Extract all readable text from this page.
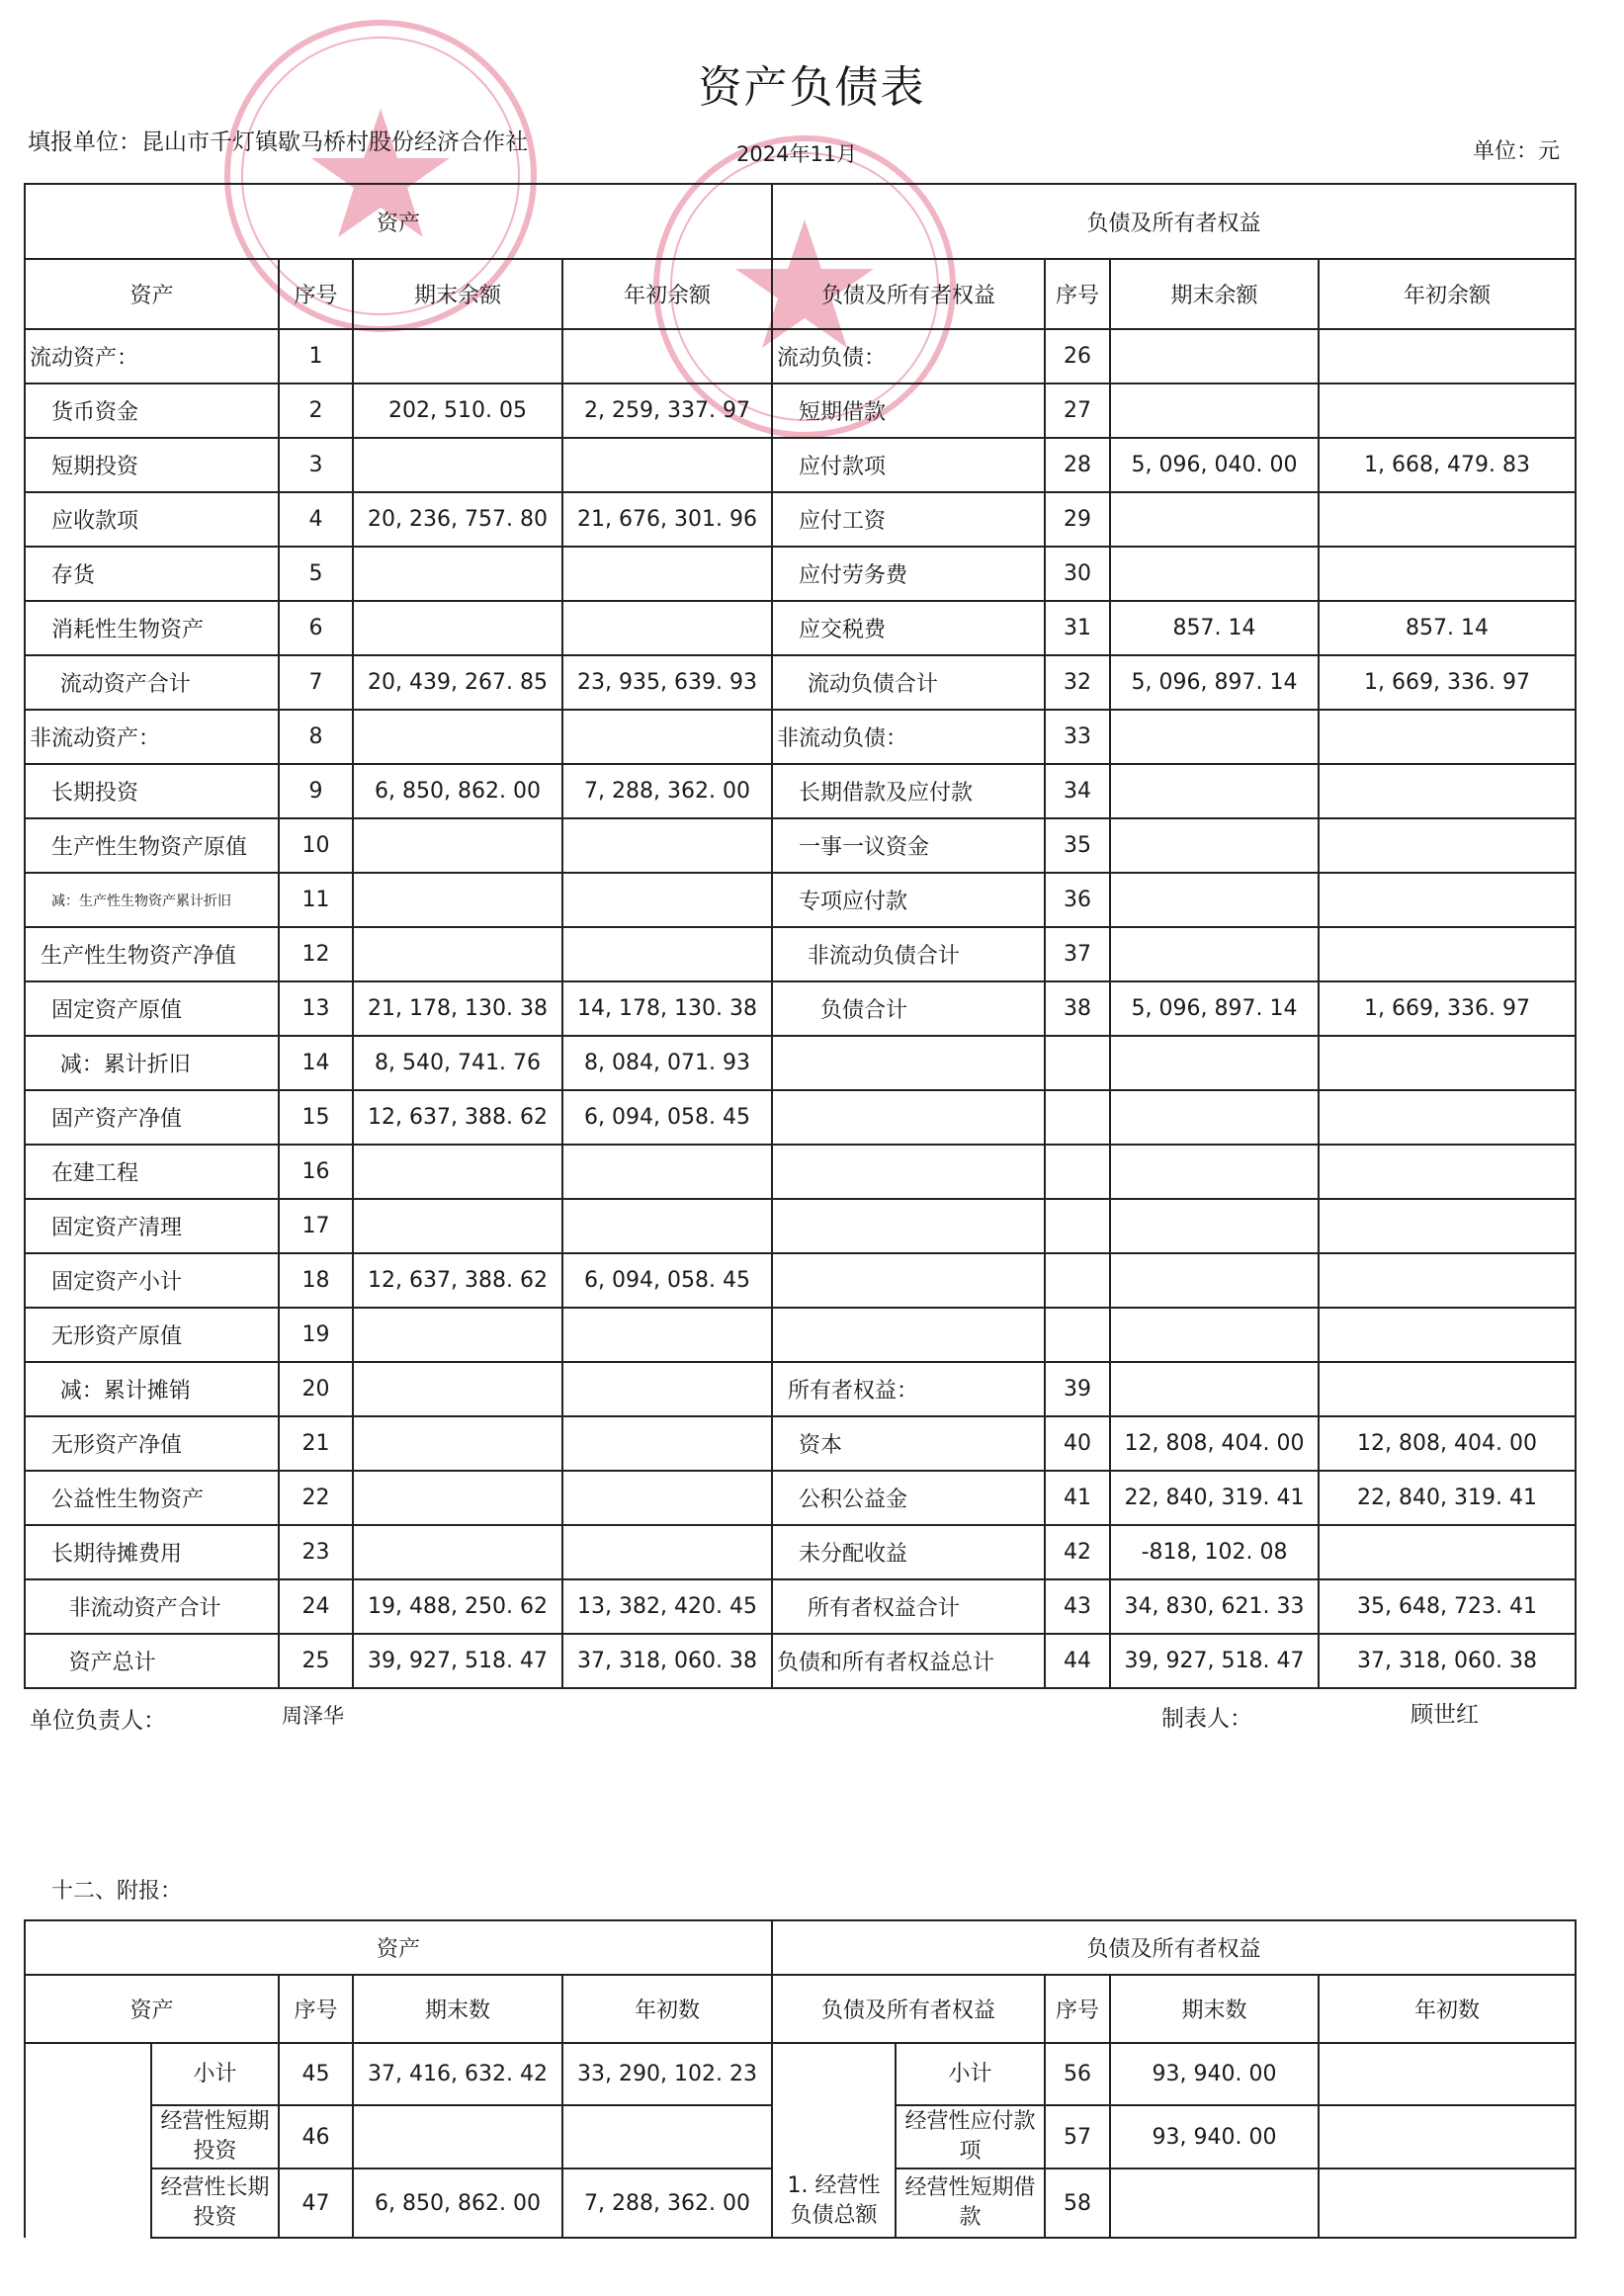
资产负债表
填报单位：昆山市千灯镇歇马桥村股份经济合作社	2024年11月	单位：元
资产				负债及所有者权益			
资产	序号	期末余额	年初余额	负债及所有者权益	序号	期末余额	年初余额
流动资产：	1			流动负债：	26		
货币资金	2	202, 510. 05	2, 259, 337. 97	短期借款	27		
短期投资	3			应付款项	28	5, 096, 040. 00	1, 668, 479. 83
应收款项	4	20, 236, 757. 80	21, 676, 301. 96	应付工资	29		
存货	5			应付劳务费	30		
消耗性生物资产	6			应交税费	31	857. 14	857. 14
流动资产合计	7	20, 439, 267. 85	23, 935, 639. 93	流动负债合计	32	5, 096, 897. 14	1, 669, 336. 97
非流动资产：	8			非流动负债：	33		
长期投资	9	6, 850, 862. 00	7, 288, 362. 00	长期借款及应付款	34		
生产性生物资产原值	10			一事一议资金	35		
减：生产性生物资产累计折旧	11			专项应付款	36		
生产性生物资产净值	12			非流动负债合计	37		
固定资产原值	13	21, 178, 130. 38	14, 178, 130. 38	负债合计	38	5, 096, 897. 14	1, 669, 336. 97
减：累计折旧	14	8, 540, 741. 76	8, 084, 071. 93				
固产资产净值	15	12, 637, 388. 62	6, 094, 058. 45				
在建工程	16						
固定资产清理	17						
固定资产小计	18	12, 637, 388. 62	6, 094, 058. 45				
无形资产原值	19						
减：累计摊销	20			所有者权益：	39		
无形资产净值	21			资本	40	12, 808, 404. 00	12, 808, 404. 00
公益性生物资产	22			公积公益金	41	22, 840, 319. 41	22, 840, 319. 41
长期待摊费用	23			未分配收益	42	-818, 102. 08	
非流动资产合计	24	19, 488, 250. 62	13, 382, 420. 45	所有者权益合计	43	34, 830, 621. 33	35, 648, 723. 41
资产总计	25	39, 927, 518. 47	37, 318, 060. 38	负债和所有者权益总计	44	39, 927, 518. 47	37, 318, 060. 38
单位负责人：	周泽华	制表人：	顾世红
十二、附报：
资产					负债及所有者权益				
资产		序号	期末数	年初数	负债及所有者权益		序号	期末数	年初数
	小计	45	37, 416, 632. 42	33, 290, 102. 23	1. 经营性负债总额	小计	56	93, 940. 00	
	经营性短期投资	46				经营性应付款项	57	93, 940. 00	
	经营性长期投资	47	6, 850, 862. 00	7, 288, 362. 00		经营性短期借款	58		
